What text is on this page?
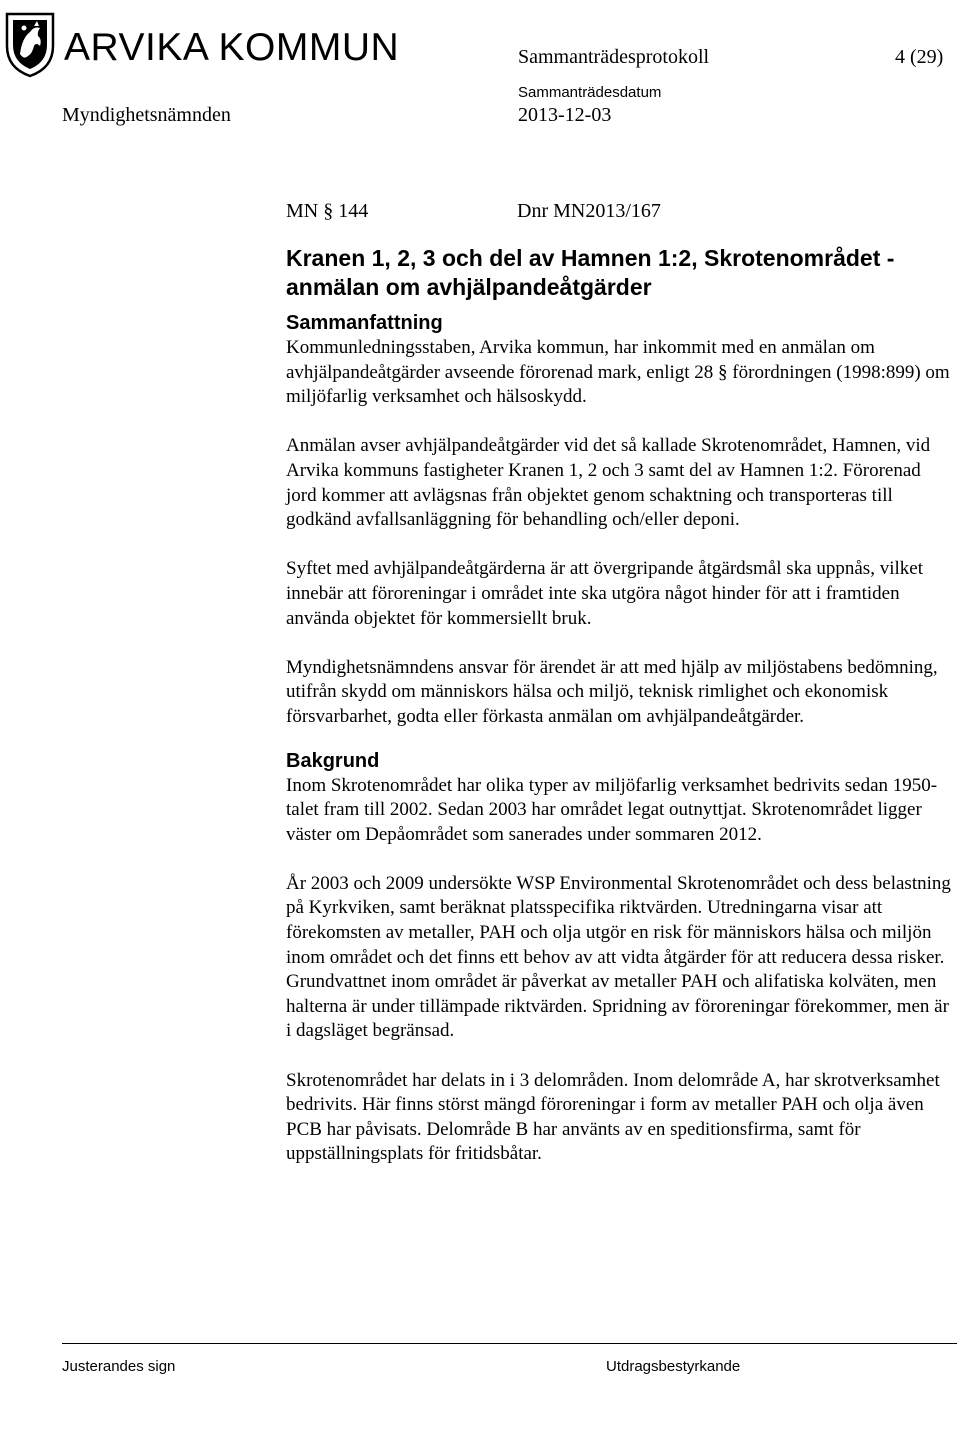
ARVIKA KOMMUN	Sammanträdesprotokoll	4 (29)
Myndighetsnämnden
Sammanträdesdatum
2013-12-03
MN § 144	Dnr MN2013/167
Kranen 1, 2, 3 och del av Hamnen 1:2, Skrotenområdet - anmälan om avhjälpandeåtgärder
Sammanfattning

Kommunledningsstaben, Arvika kommun, har inkommit med en anmälan om avhjälpandeåtgärder avseende förorenad mark, enligt 28 § förordningen (1998:899) om miljöfarlig verksamhet och hälsoskydd.

Anmälan avser avhjälpandeåtgärder vid det så kallade Skrotenområdet, Hamnen, vid Arvika kommuns fastigheter Kranen 1, 2 och 3 samt del av Hamnen 1:2. Förorenad jord kommer att avlägsnas från objektet genom schaktning och transporteras till godkänd avfallsanläggning för behandling och/eller deponi.

Syftet med avhjälpandeåtgärderna är att övergripande åtgärdsmål ska uppnås, vilket innebär att föroreningar i området inte ska utgöra något hinder för att i framtiden använda objektet för kommersiellt bruk.

Myndighetsnämndens ansvar för ärendet är att med hjälp av miljöstabens bedömning, utifrån skydd om människors hälsa och miljö, teknisk rimlighet och ekonomisk försvarbarhet, godta eller förkasta anmälan om avhjälpandeåtgärder.

Bakgrund

Inom Skrotenområdet har olika typer av miljöfarlig verksamhet bedrivits sedan 1950-talet fram till 2002. Sedan 2003 har området legat outnyttjat. Skrotenområdet ligger väster om Depåområdet som sanerades under sommaren 2012.

År 2003 och 2009 undersökte WSP Environmental Skrotenområdet och dess belastning på Kyrkviken, samt beräknat platsspecifika riktvärden. Utredningarna visar att förekomsten av metaller, PAH och olja utgör en risk för människors hälsa och miljön inom området och det finns ett behov av att vidta åtgärder för att reducera dessa risker. Grundvattnet inom området är påverkat av metaller PAH och alifatiska kolväten, men halterna är under tillämpade riktvärden. Spridning av föroreningar förekommer, men är i dagsläget begränsad.

Skrotenområdet har delats in i 3 delområden. Inom delområde A, har skrotverksamhet bedrivits. Här finns störst mängd föroreningar i form av metaller PAH och olja även PCB har påvisats. Delområde B har använts av en speditionsfirma, samt för uppställningsplats för fritidsbåtar.

Justerandes sign	Utdragsbestyrkande
